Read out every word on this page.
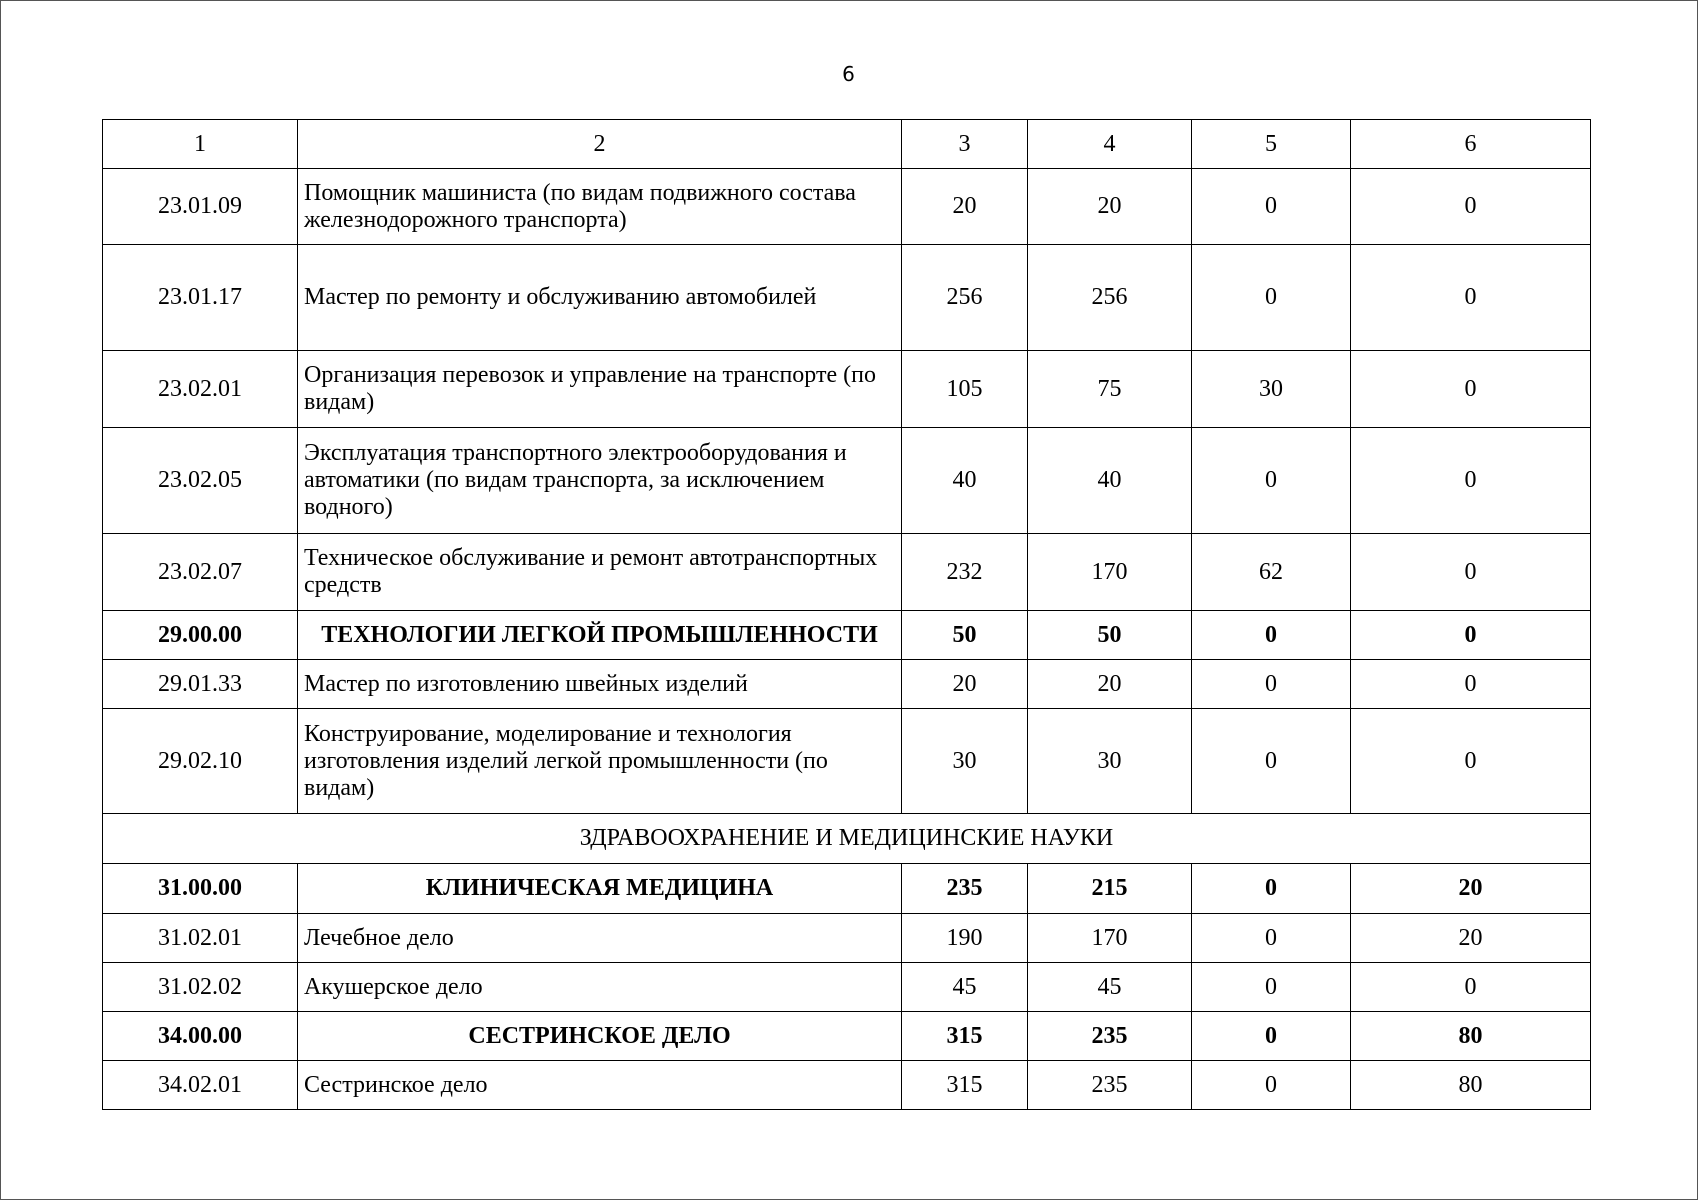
6
1	2	3	4	5	6
23.01.09	Помощник машиниста (по видам подвижного состава железнодорожного транспорта)	20	20	0	0
23.01.17	Мастер по ремонту и обслуживанию автомобилей	256	256	0	0
23.02.01	Организация перевозок и управление на транспорте (по видам)	105	75	30	0
23.02.05	Эксплуатация транспортного электрооборудования и автоматики (по видам транспорта, за исключением водного)	40	40	0	0
23.02.07	Техническое обслуживание и ремонт автотранспортных средств	232	170	62	0
29.00.00	ТЕХНОЛОГИИ ЛЕГКОЙ ПРОМЫШЛЕННОСТИ	50	50	0	0
29.01.33	Мастер по изготовлению швейных изделий	20	20	0	0
29.02.10	Конструирование, моделирование и технология изготовления изделий легкой промышленности (по видам)	30	30	0	0
ЗДРАВООХРАНЕНИЕ И МЕДИЦИНСКИЕ НАУКИ					
31.00.00	КЛИНИЧЕСКАЯ МЕДИЦИНА	235	215	0	20
31.02.01	Лечебное дело	190	170	0	20
31.02.02	Акушерское дело	45	45	0	0
34.00.00	СЕСТРИНСКОЕ ДЕЛО	315	235	0	80
34.02.01	Сестринское дело	315	235	0	80
